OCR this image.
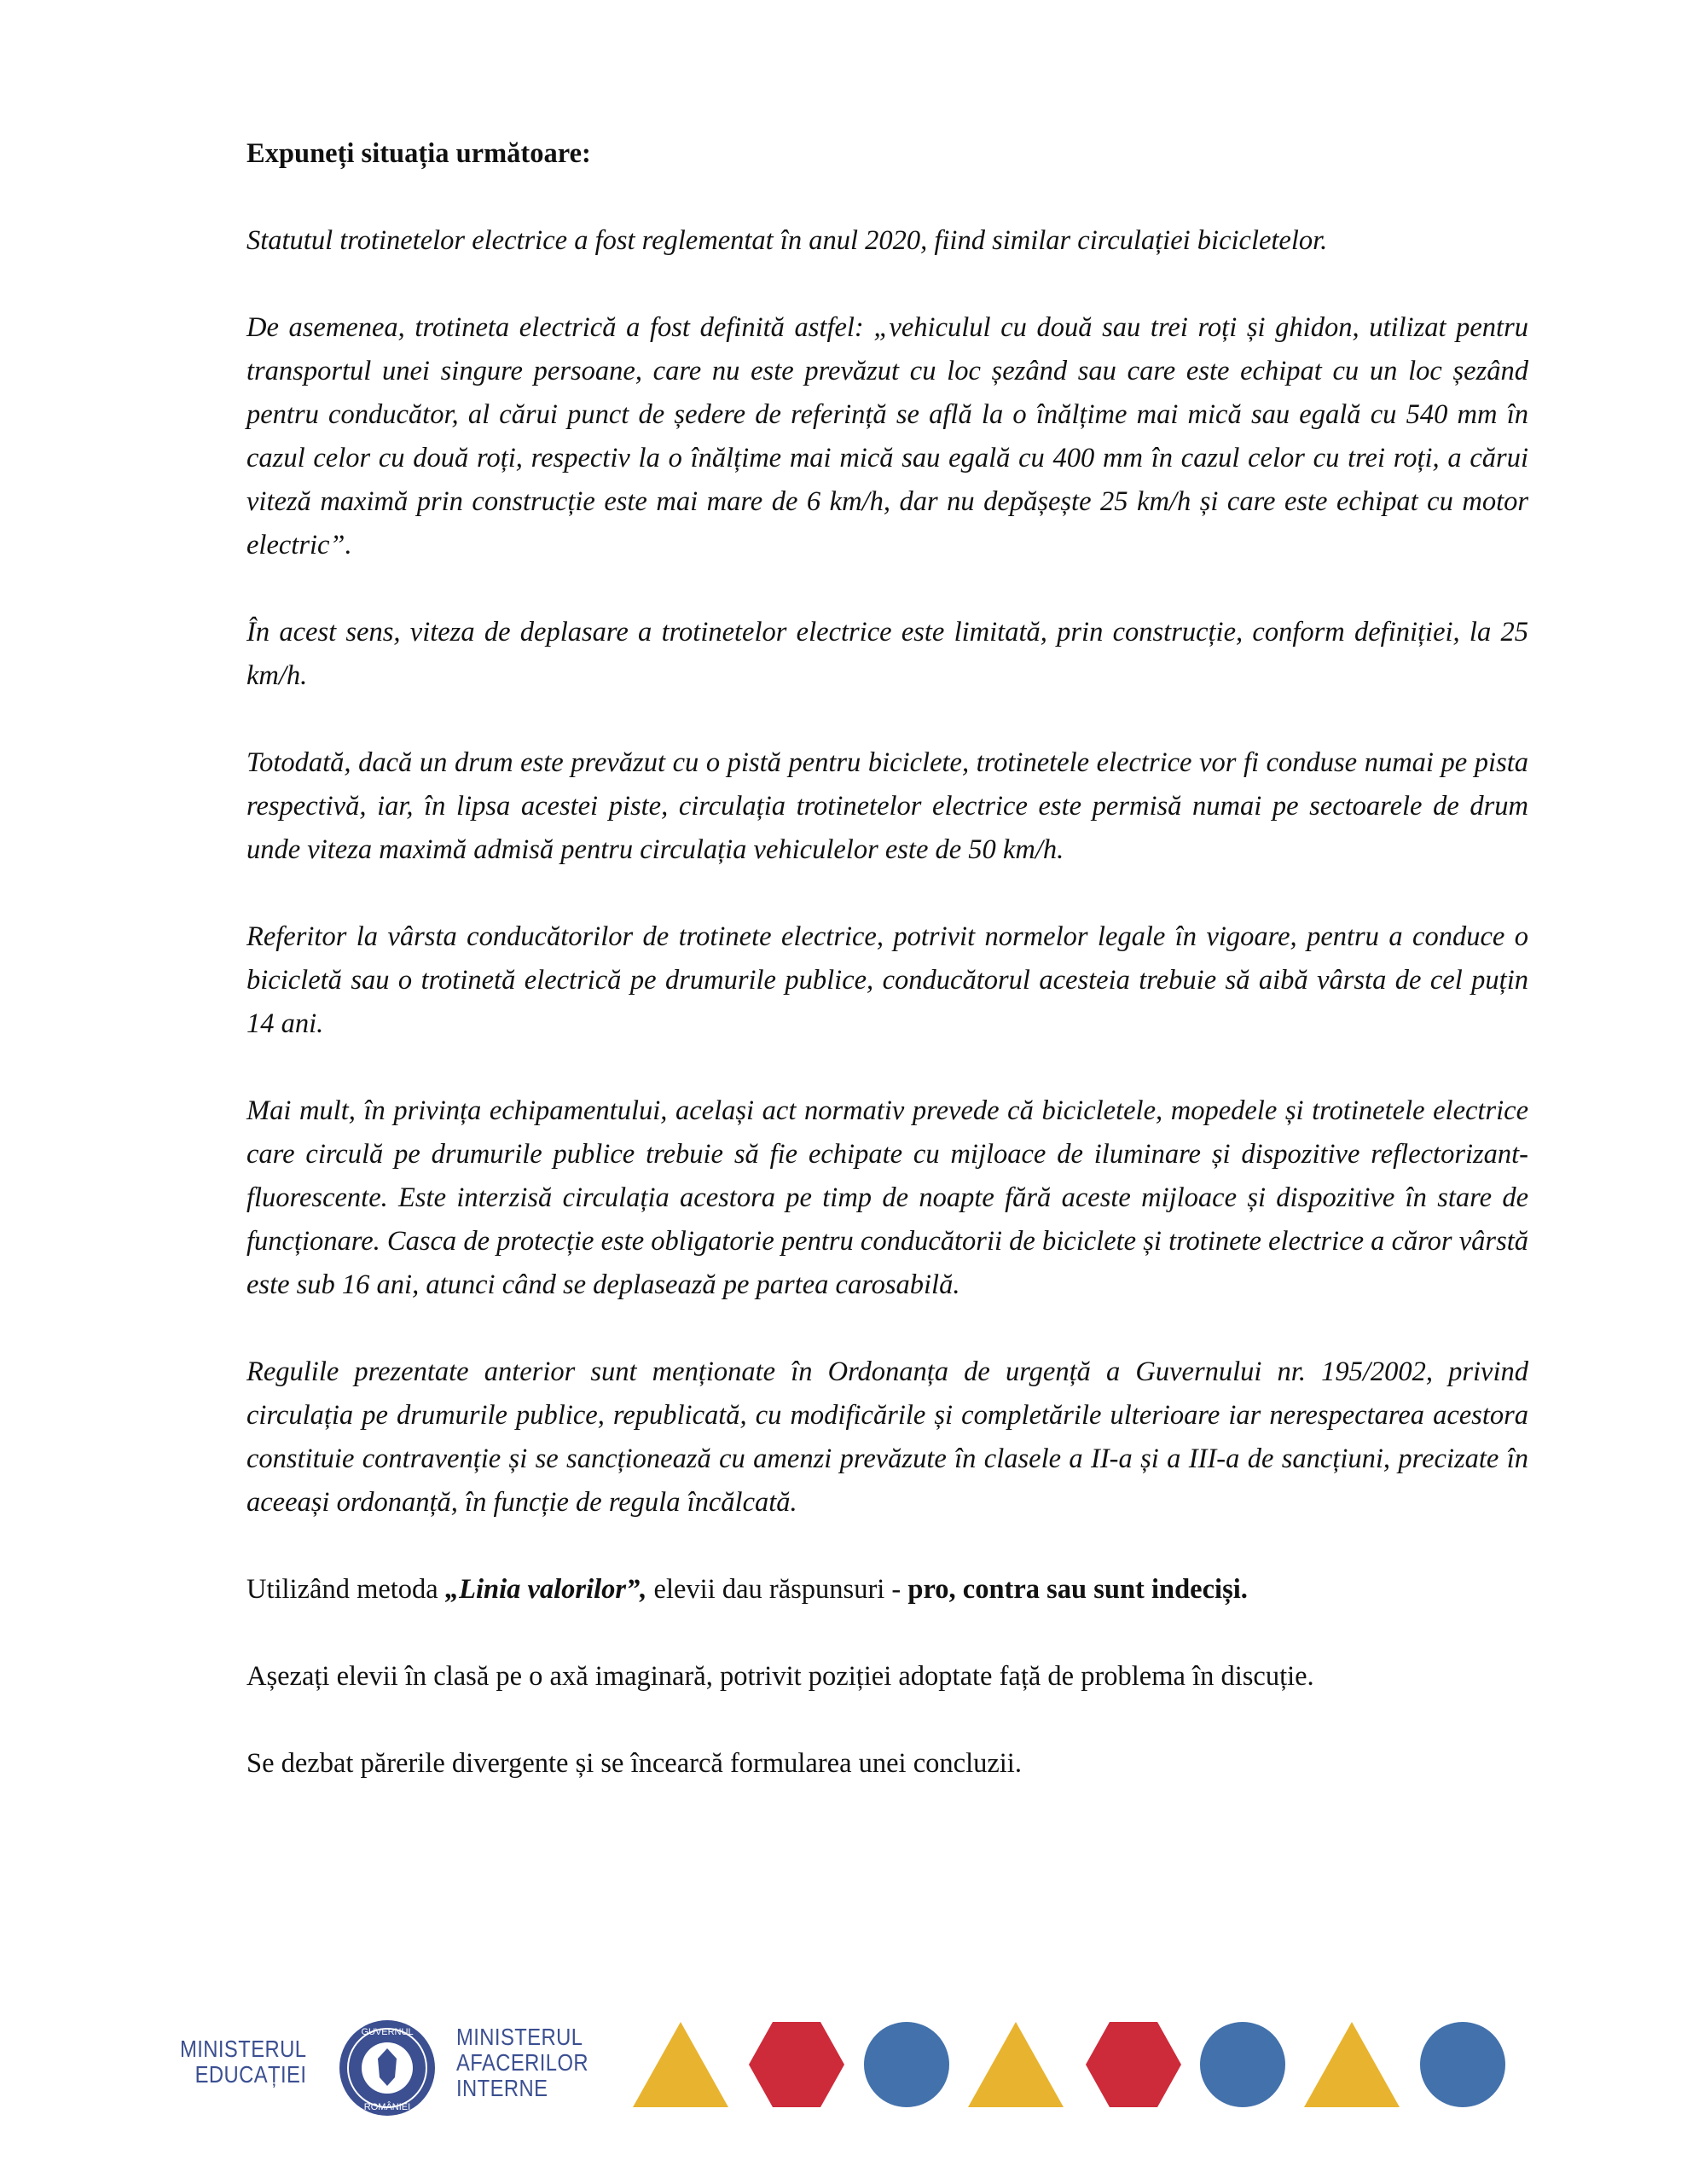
Expuneți situația următoare:

Statutul trotinetelor electrice a fost reglementat în anul 2020, fiind similar circulației bicicletelor.

De asemenea, trotineta electrică a fost definită astfel: „vehiculul cu două sau trei roți și ghidon, utilizat pentru transportul unei singure persoane, care nu este prevăzut cu loc șezând sau care este echipat cu un loc șezând pentru conducător, al cărui punct de ședere de referință se află la o înălțime mai mică sau egală cu 540 mm în cazul celor cu două roți, respectiv la o înălțime mai mică sau egală cu 400 mm în cazul celor cu trei roți, a cărui viteză maximă prin construcție este mai mare de 6 km/h, dar nu depășește 25 km/h și care este echipat cu motor electric”.

În acest sens, viteza de deplasare a trotinetelor electrice este limitată, prin construcție, conform definiției, la 25 km/h.

Totodată, dacă un drum este prevăzut cu o pistă pentru biciclete, trotinetele electrice vor fi conduse numai pe pista respectivă, iar, în lipsa acestei piste, circulația trotinetelor electrice este permisă numai pe sectoarele de drum unde viteza maximă admisă pentru circulația vehiculelor este de 50 km/h.

Referitor la vârsta conducătorilor de trotinete electrice, potrivit normelor legale în vigoare, pentru a conduce o bicicletă sau o trotinetă electrică pe drumurile publice, conducătorul acesteia trebuie să aibă vârsta de cel puțin 14 ani.

Mai mult, în privința echipamentului, același act normativ prevede că bicicletele, mopedele și trotinetele electrice care circulă pe drumurile publice trebuie să fie echipate cu mijloace de iluminare și dispozitive reflectorizant-fluorescente. Este interzisă circulația acestora pe timp de noapte fără aceste mijloace și dispozitive în stare de funcționare. Casca de protecție este obligatorie pentru conducătorii de biciclete și trotinete electrice a căror vârstă este sub 16 ani, atunci când se deplasează pe partea carosabilă.

Regulile prezentate anterior sunt menționate în Ordonanța de urgență a Guvernului nr. 195/2002, privind circulația pe drumurile publice, republicată, cu modificările și completările ulterioare iar nerespectarea acestora constituie contravenție și se sancționează cu amenzi prevăzute în clasele a II-a și a III-a de sancțiuni, precizate în aceeași ordonanță, în funcție de regula încălcată.

Utilizând metoda „Linia valorilor”, elevii dau răspunsuri - pro, contra sau sunt indeciși.

Așezați elevii în clasă pe o axă imaginară, potrivit poziției adoptate față de problema în discuție.

Se dezbat părerile divergente și se încearcă formularea unei concluzii.

MINISTERUL
EDUCAȚIEI
GUVERNUL
ROMÂNIEI
MINISTERUL
AFACERILOR
INTERNE
